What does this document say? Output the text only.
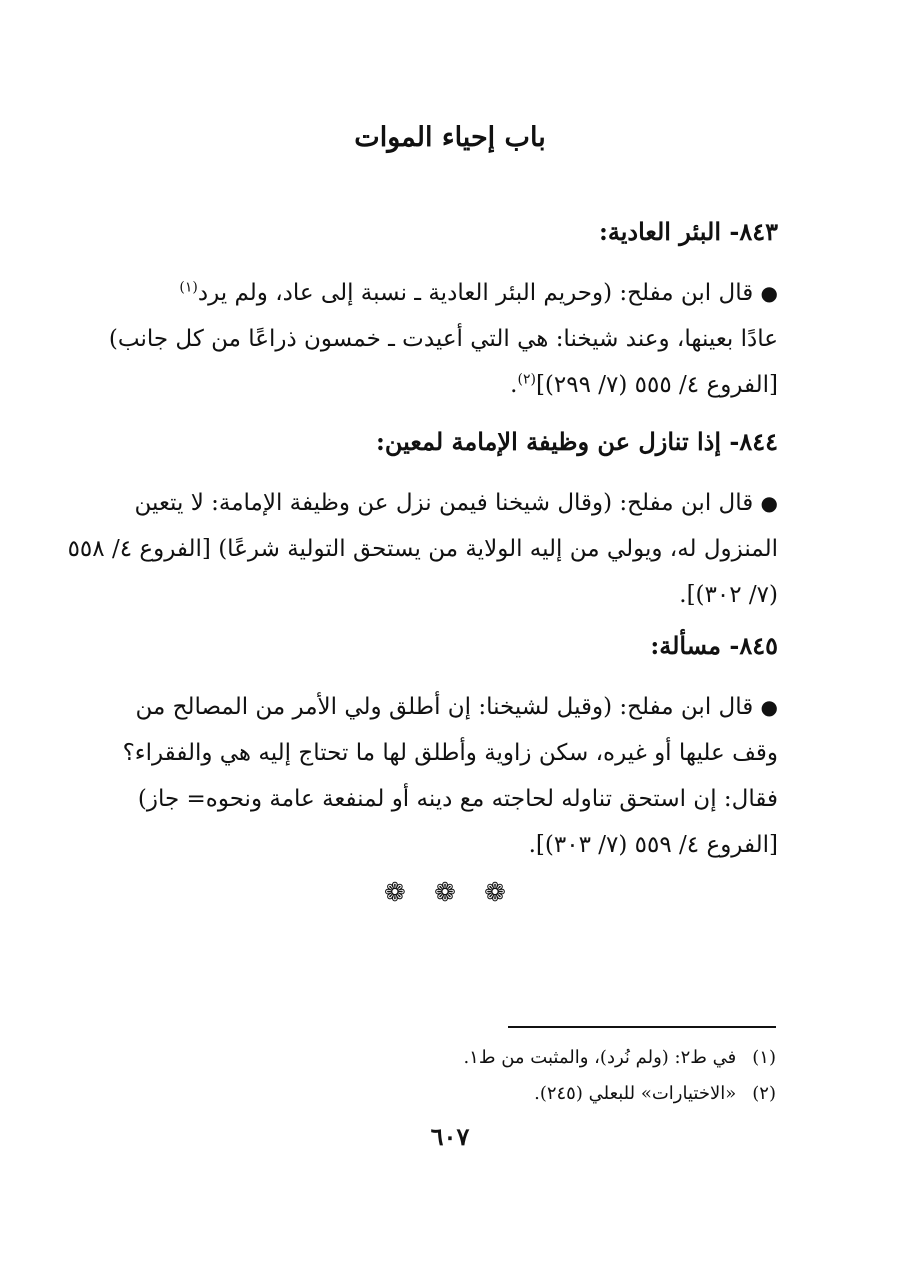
باب إحياء الموات
٨٤٣- البئر العادية:
● قال ابن مفلح: (وحريم البئر العادية ـ نسبة إلى عاد، ولم يرد$^{(١)}$
عادًا بعينها، وعند شيخنا: هي التي أعيدت ـ خمسون ذراعًا من كل جانب)
[الفروع ٤/ ٥٥٥ (٧/ ٢٩٩)]$^{(٢)}$.
٨٤٤- إذا تنازل عن وظيفة الإمامة لمعين:
● قال ابن مفلح: (وقال شيخنا فيمن نزل عن وظيفة الإمامة: لا يتعين
المنزول له، ويولي من إليه الولاية من يستحق التولية شرعًا) [الفروع ٤/ ٥٥٨
(٧/ ٣٠٢)].
٨٤٥- مسألة:
● قال ابن مفلح: (وقيل لشيخنا: إن أطلق ولي الأمر من المصالح من
وقف عليها أو غيره، سكن زاوية وأطلق لها ما تحتاج إليه هي والفقراء؟
فقال: إن استحق تناوله لحاجته مع دينه أو لمنفعة عامة ونحوه= جاز)
[الفروع ٤/ ٥٥٩ (٧/ ٣٠٣)].
❁ ❁ ❁
(١)في ط٢: (ولم نُرد)، والمثبت من ط١.
(٢)«الاختيارات» للبعلي (٢٤٥).
٦٠٧
